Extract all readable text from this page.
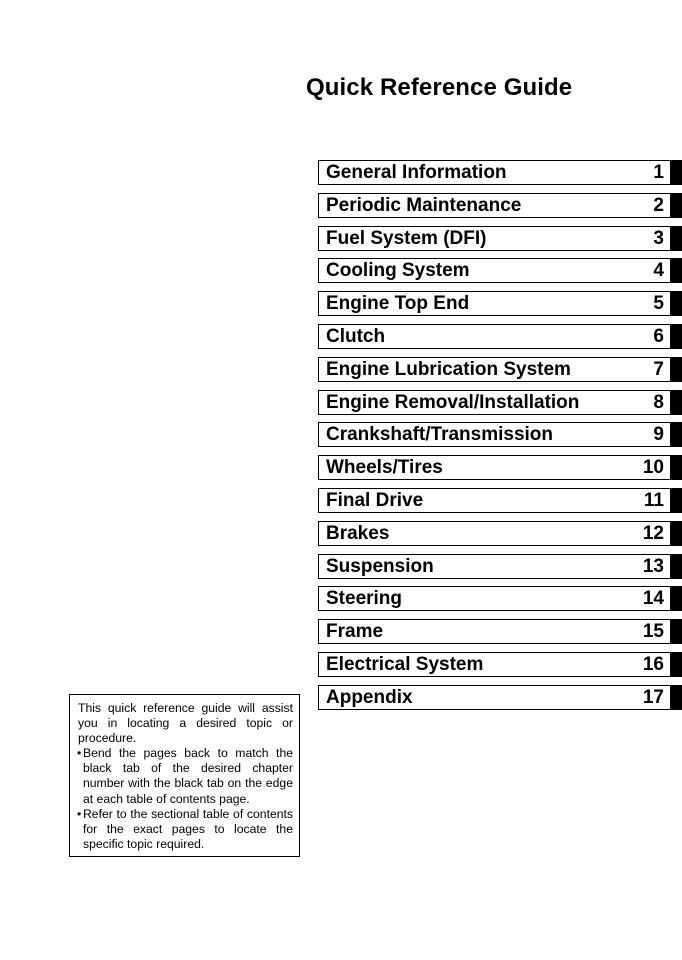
Quick Reference Guide
General Information	1
Periodic Maintenance	2
Fuel System (DFI)	3
Cooling System	4
Engine Top End	5
Clutch	6
Engine Lubrication System	7
Engine Removal/Installation	8
Crankshaft/Transmission	9
Wheels/Tires	10
Final Drive	11
Brakes	12
Suspension	13
Steering	14
Frame	15
Electrical System	16
Appendix	17
This quick reference guide will assist you in locating a desired topic or procedure.
• Bend the pages back to match the black tab of the desired chapter number with the black tab on the edge at each table of contents page.
• Refer to the sectional table of contents for the exact pages to locate the specific topic required.
